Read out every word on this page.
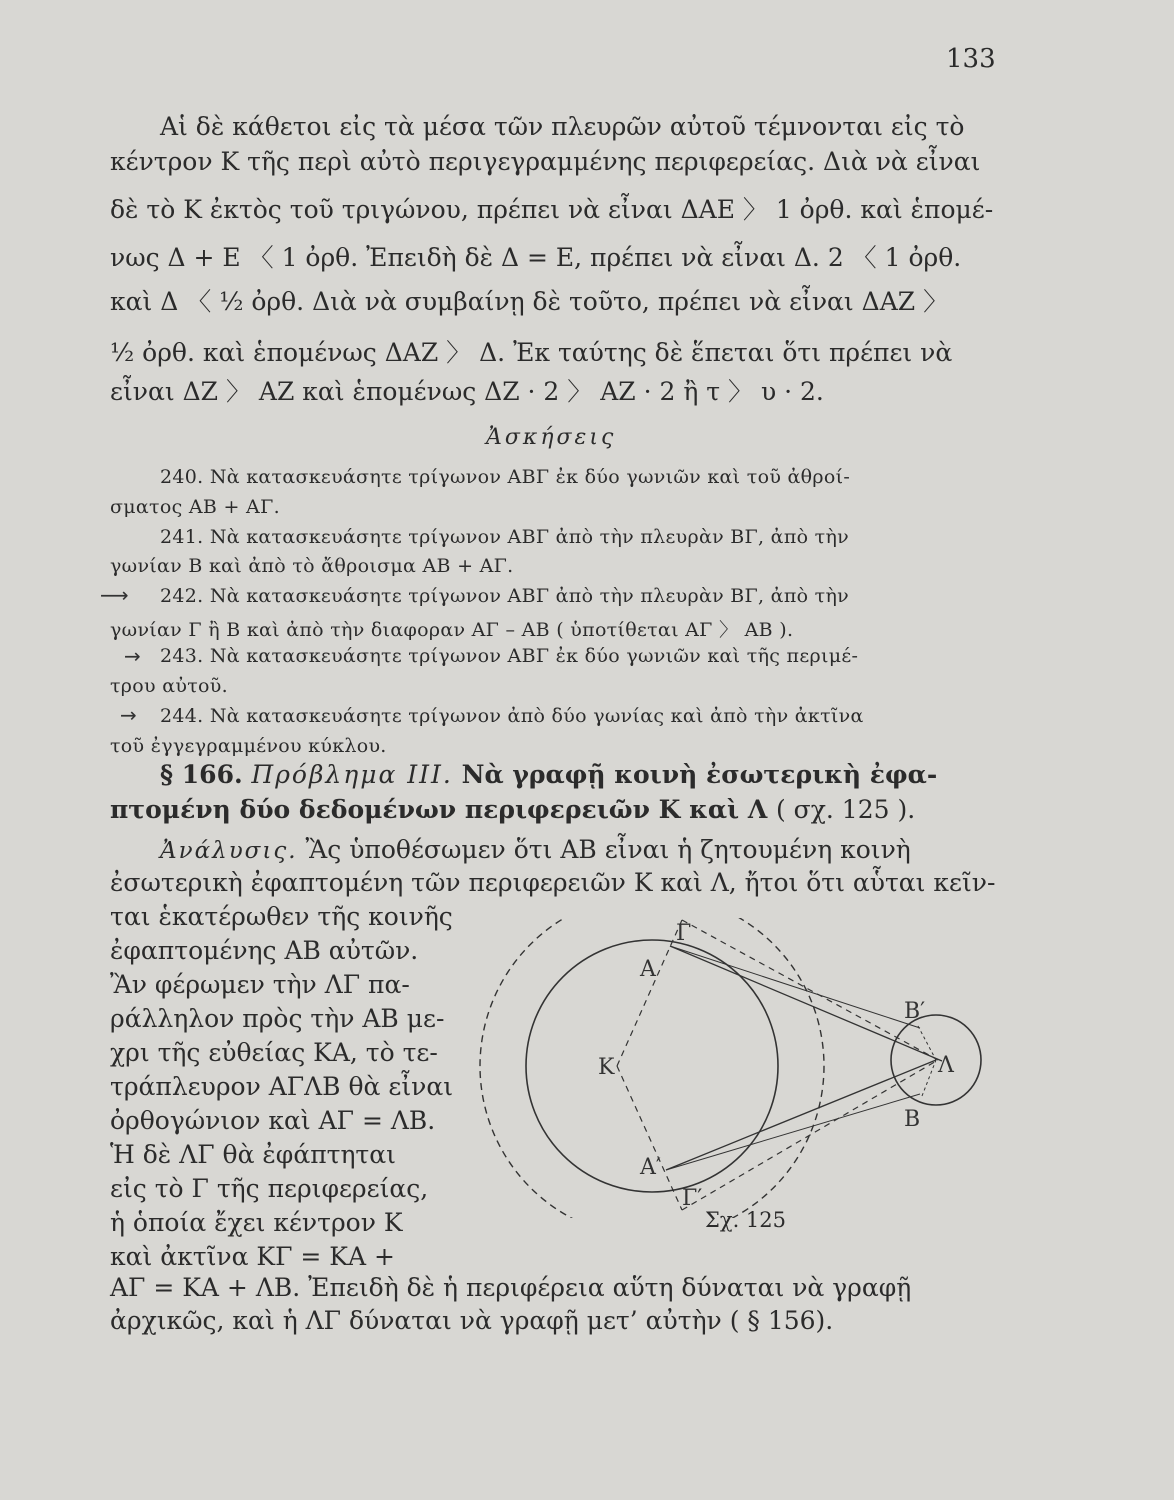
133
Αἱ δὲ κάθετοι εἰς τὰ μέσα τῶν πλευρῶν αὐτοῦ τέμνονται εἰς τὸ
κέντρον Κ τῆς περὶ αὐτὸ περιγεγραμμένης περιφερείας. Διὰ νὰ εἶναι
δὲ τὸ Κ ἐκτὸς τοῦ τριγώνου, πρέπει νὰ εἶναι ΔΑΕ 〉 1 ὀρθ. καὶ ἑπομέ-
νως Δ + Ε 〈 1 ὀρθ. Ἐπειδὴ δὲ Δ = Ε, πρέπει νὰ εἶναι Δ. 2 〈 1 ὀρθ.
καὶ Δ 〈 ½ ὀρθ. Διὰ νὰ συμβαίνῃ δὲ τοῦτο, πρέπει νὰ εἶναι ΔΑΖ 〉
½ ὀρθ. καὶ ἑπομένως ΔΑΖ 〉 Δ. Ἐκ ταύτης δὲ ἕπεται ὅτι πρέπει νὰ
εἶναι ΔΖ 〉 ΑΖ καὶ ἑπομένως ΔΖ · 2 〉 ΑΖ · 2 ἢ τ 〉 υ · 2.
Ἀσκήσεις
240. Νὰ κατασκευάσητε τρίγωνον ΑΒΓ ἐκ δύο γωνιῶν καὶ τοῦ ἀθροί-
σματος ΑΒ + ΑΓ.
241. Νὰ κατασκευάσητε τρίγωνον ΑΒΓ ἀπὸ τὴν πλευρὰν ΒΓ, ἀπὸ τὴν
γωνίαν Β καὶ ἀπὸ τὸ ἄθροισμα ΑΒ + ΑΓ.
⟶ 242. Νὰ κατασκευάσητε τρίγωνον ΑΒΓ ἀπὸ τὴν πλευρὰν ΒΓ, ἀπὸ τὴν
γωνίαν Γ ἢ Β καὶ ἀπὸ τὴν διαφοραν ΑΓ – ΑΒ ( ὑποτίθεται ΑΓ 〉 ΑΒ ).
→ 243. Νὰ κατασκευάσητε τρίγωνον ΑΒΓ ἐκ δύο γωνιῶν καὶ τῆς περιμέ-
τρου αὐτοῦ.
→ 244. Νὰ κατασκευάσητε τρίγωνον ἀπὸ δύο γωνίας καὶ ἀπὸ τὴν ἀκτῖνα
τοῦ ἐγγεγραμμένου κύκλου.
§ 166. Πρόβλημα ΙΙΙ. Νὰ γραφῇ κοινὴ ἐσωτερικὴ ἐφα-
πτομένη δύο δεδομένων περιφερειῶν Κ καὶ Λ ( σχ. 125 ).
Ἀνάλυσις. Ἂς ὑποθέσωμεν ὅτι ΑΒ εἶναι ἡ ζητουμένη κοινὴ
ἐσωτερικὴ ἐφαπτομένη τῶν περιφερειῶν Κ καὶ Λ, ἤτοι ὅτι αὗται κεῖν-
ται ἑκατέρωθεν τῆς κοινῆς
ἐφαπτομένης ΑΒ αὐτῶν.
Ἂν φέρωμεν τὴν ΛΓ πα-
ράλληλον πρὸς τὴν ΑΒ με-
χρι τῆς εὐθείας ΚΑ, τὸ τε-
τράπλευρον ΑΓΛΒ θὰ εἶναι
ὀρθογώνιον καὶ ΑΓ = ΛΒ.
Ἡ δὲ ΛΓ θὰ ἐφάπτηται
εἰς τὸ Γ τῆς περιφερείας,
ἡ ὁποία ἔχει κέντρον Κ
καὶ ἀκτῖνα ΚΓ = ΚΑ +
ΑΓ = ΚΑ + ΛΒ. Ἐπειδὴ δὲ ἡ περιφέρεια αὕτη δύναται νὰ γραφῇ
ἀρχικῶς, καὶ ἡ ΛΓ δύναται νὰ γραφῇ μετ’ αὐτὴν ( § 156).
Γ
Α
Κ
Β′
Λ
Β
Α′
Γ′
Σχ. 125
